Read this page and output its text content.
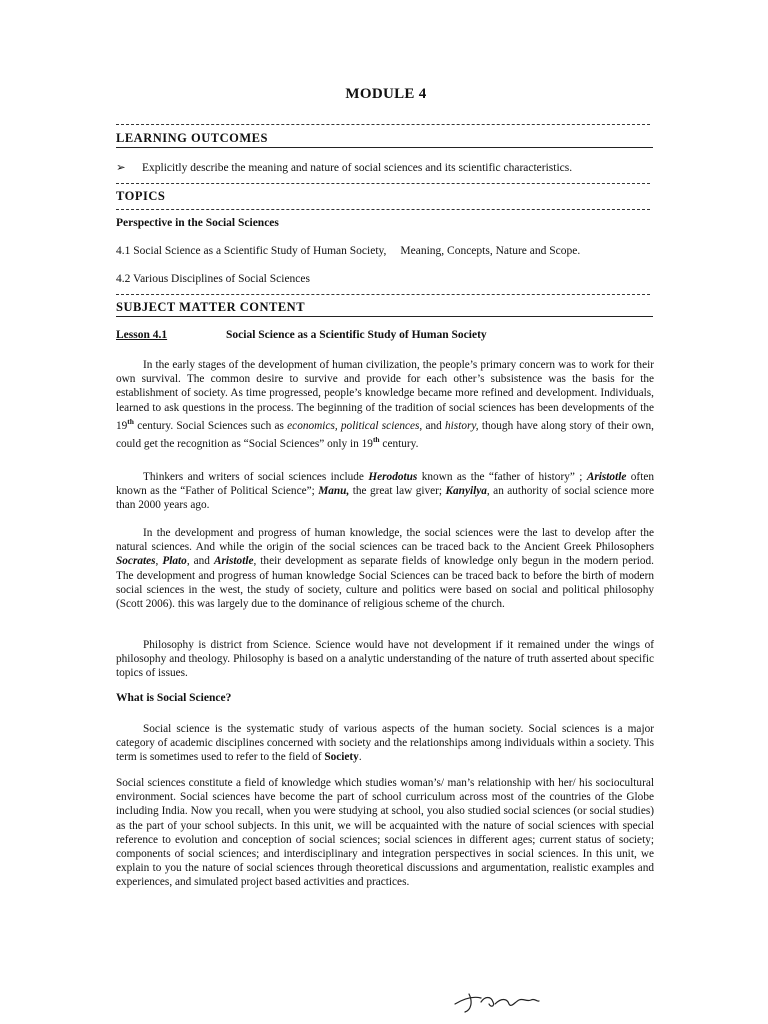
MODULE 4
LEARNING OUTCOMES
➢ Explicitly describe the meaning and nature of social sciences and its scientific characteristics.
TOPICS
Perspective in the Social Sciences
4.1 Social Science as a Scientific Study of Human Society, Meaning, Concepts, Nature and Scope.
4.2 Various Disciplines of Social Sciences
SUBJECT MATTER CONTENT
Lesson 4.1	Social Science as a Scientific Study of Human Society

In the early stages of the development of human civilization, the people’s primary concern was to work for their own survival. The common desire to survive and provide for each other’s subsistence was the basis for the establishment of society. As time progressed, people’s knowledge became more refined and development. Individuals, learned to ask questions in the process. The beginning of the tradition of social sciences has been developments of the 19th century. Social Sciences such as economics, political sciences, and history, though have along story of their own, could get the recognition as “Social Sciences” only in 19th century.

Thinkers and writers of social sciences include Herodotus known as the “father of history” ; Aristotle often known as the “Father of Political Science”; Manu, the great law giver; Kanyilya, an authority of social science more than 2000 years ago.

In the development and progress of human knowledge, the social sciences were the last to develop after the natural sciences. And while the origin of the social sciences can be traced back to the Ancient Greek Philosophers Socrates, Plato, and Aristotle, their development as separate fields of knowledge only begun in the modern period. The development and progress of human knowledge Social Sciences can be traced back to before the birth of modern social sciences in the west, the study of society, culture and politics were based on social and political philosophy (Scott 2006). this was largely due to the dominance of religious scheme of the church.

Philosophy is district from Science. Science would have not development if it remained under the wings of philosophy and theology. Philosophy is based on a analytic understanding of the nature of truth asserted about specific topics of issues.

What is Social Science?

Social science is the systematic study of various aspects of the human society. Social sciences is a major category of academic disciplines concerned with society and the relationships among individuals within a society. This term is sometimes used to refer to the field of Society.

Social sciences constitute a field of knowledge which studies woman’s/ man’s relationship with her/ his sociocultural environment. Social sciences have become the part of school curriculum across most of the countries of the Globe including India. Now you recall, when you were studying at school, you also studied social sciences (or social studies) as the part of your school subjects. In this unit, we will be acquainted with the nature of social sciences with special reference to evolution and conception of social sciences; social sciences in different ages; current status of society; components of social sciences; and interdisciplinary and integration perspectives in social sciences. In this unit, we explain to you the nature of social sciences through theoretical discussions and argumentation, realistic examples and experiences, and simulated project based activities and practices.
